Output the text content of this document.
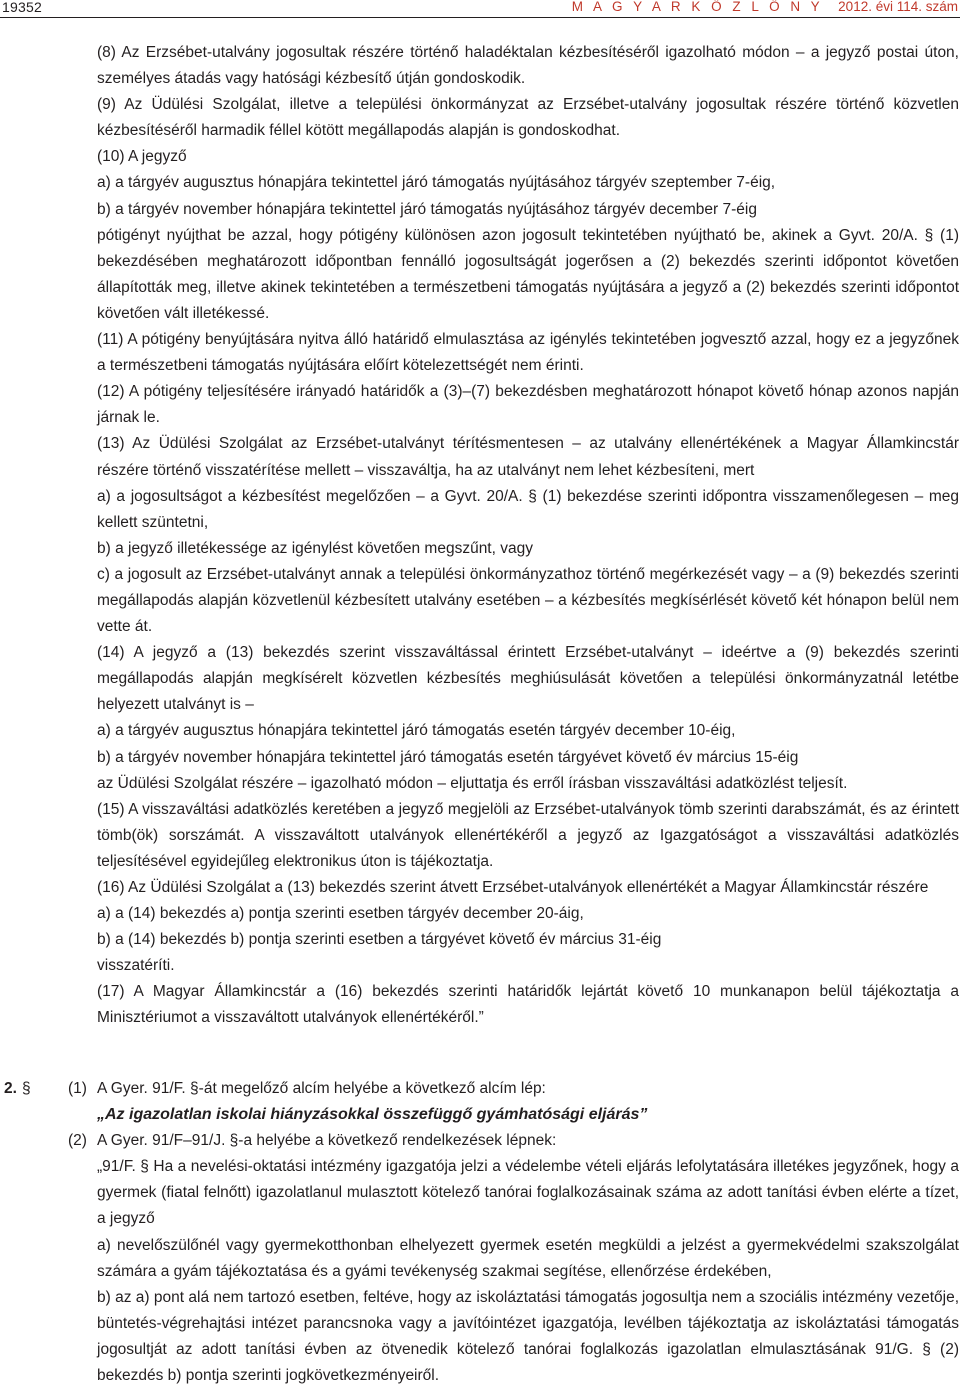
19352	M A G Y A R K Ö Z L Ö N Y 2012. évi 114. szám

(8) Az Erzsébet-utalvány jogosultak részére történő haladéktalan kézbesítéséről igazolható módon – a jegyző postai úton, személyes átadás vagy hatósági kézbesítő útján gondoskodik.

(9) Az Üdülési Szolgálat, illetve a települési önkormányzat az Erzsébet-utalvány jogosultak részére történő közvetlen kézbesítéséről harmadik féllel kötött megállapodás alapján is gondoskodhat.

(10) A jegyző

a) a tárgyév augusztus hónapjára tekintettel járó támogatás nyújtásához tárgyév szeptember 7-éig,

b) a tárgyév november hónapjára tekintettel járó támogatás nyújtásához tárgyév december 7-éig

pótigényt nyújthat be azzal, hogy pótigény különösen azon jogosult tekintetében nyújtható be, akinek a Gyvt. 20/A. § (1) bekezdésében meghatározott időpontban fennálló jogosultságát jogerősen a (2) bekezdés szerinti időpontot követően állapították meg, illetve akinek tekintetében a természetbeni támogatás nyújtására a jegyző a (2) bekezdés szerinti időpontot követően vált illetékessé.

(11) A pótigény benyújtására nyitva álló határidő elmulasztása az igénylés tekintetében jogvesztő azzal, hogy ez a jegyzőnek a természetbeni támogatás nyújtására előírt kötelezettségét nem érinti.

(12) A pótigény teljesítésére irányadó határidők a (3)–(7) bekezdésben meghatározott hónapot követő hónap azonos napján járnak le.

(13) Az Üdülési Szolgálat az Erzsébet-utalványt térítésmentesen – az utalvány ellenértékének a Magyar Államkincstár részére történő visszatérítése mellett – visszaváltja, ha az utalványt nem lehet kézbesíteni, mert

a) a jogosultságot a kézbesítést megelőzően – a Gyvt. 20/A. § (1) bekezdése szerinti időpontra visszamenőlegesen – meg kellett szüntetni,

b) a jegyző illetékessége az igénylést követően megszűnt, vagy

c) a jogosult az Erzsébet-utalványt annak a települési önkormányzathoz történő megérkezését vagy – a (9) bekezdés szerinti megállapodás alapján közvetlenül kézbesített utalvány esetében – a kézbesítés megkísérlését követő két hónapon belül nem vette át.

(14) A jegyző a (13) bekezdés szerint visszaváltással érintett Erzsébet-utalványt – ideértve a (9) bekezdés szerinti megállapodás alapján megkísérelt közvetlen kézbesítés meghiúsulását követően a települési önkormányzatnál letétbe helyezett utalványt is –

a) a tárgyév augusztus hónapjára tekintettel járó támogatás esetén tárgyév december 10-éig,

b) a tárgyév november hónapjára tekintettel járó támogatás esetén tárgyévet követő év március 15-éig

az Üdülési Szolgálat részére – igazolható módon – eljuttatja és erről írásban visszaváltási adatközlést teljesít.

(15) A visszaváltási adatközlés keretében a jegyző megjelöli az Erzsébet-utalványok tömb szerinti darabszámát, és az érintett tömb(ök) sorszámát. A visszaváltott utalványok ellenértékéről a jegyző az Igazgatóságot a visszaváltási adatközlés teljesítésével egyidejűleg elektronikus úton is tájékoztatja.

(16) Az Üdülési Szolgálat a (13) bekezdés szerint átvett Erzsébet-utalványok ellenértékét a Magyar Államkincstár részére

a) a (14) bekezdés a) pontja szerinti esetben tárgyév december 20-áig,

b) a (14) bekezdés b) pontja szerinti esetben a tárgyévet követő év március 31-éig

visszatéríti.

(17) A Magyar Államkincstár a (16) bekezdés szerinti határidők lejártát követő 10 munkanapon belül tájékoztatja a Minisztériumot a visszaváltott utalványok ellenértékéről.”

2. § (1) A Gyer. 91/F. §-át megelőző alcím helyébe a következő alcím lép:
„Az igazolatlan iskolai hiányzásokkal összefüggő gyámhatósági eljárás”
(2) A Gyer. 91/F–91/J. §-a helyébe a következő rendelkezések lépnek:

„91/F. § Ha a nevelési-oktatási intézmény igazgatója jelzi a védelembe vételi eljárás lefolytatására illetékes jegyzőnek, hogy a gyermek (fiatal felnőtt) igazolatlanul mulasztott kötelező tanórai foglalkozásainak száma az adott tanítási évben elérte a tízet, a jegyző

a) nevelőszülőnél vagy gyermekotthonban elhelyezett gyermek esetén megküldi a jelzést a gyermekvédelmi szakszolgálat számára a gyám tájékoztatása és a gyámi tevékenység szakmai segítése, ellenőrzése érdekében,

b) az a) pont alá nem tartozó esetben, feltéve, hogy az iskoláztatási támogatás jogosultja nem a szociális intézmény vezetője, büntetés-végrehajtási intézet parancsnoka vagy a javítóintézet igazgatója, levélben tájékoztatja az iskoláztatási támogatás jogosultját az adott tanítási évben az ötvenedik kötelező tanórai foglalkozás igazolatlan elmulasztásának 91/G. § (2) bekezdés b) pontja szerinti jogkövetkezményeiről.
